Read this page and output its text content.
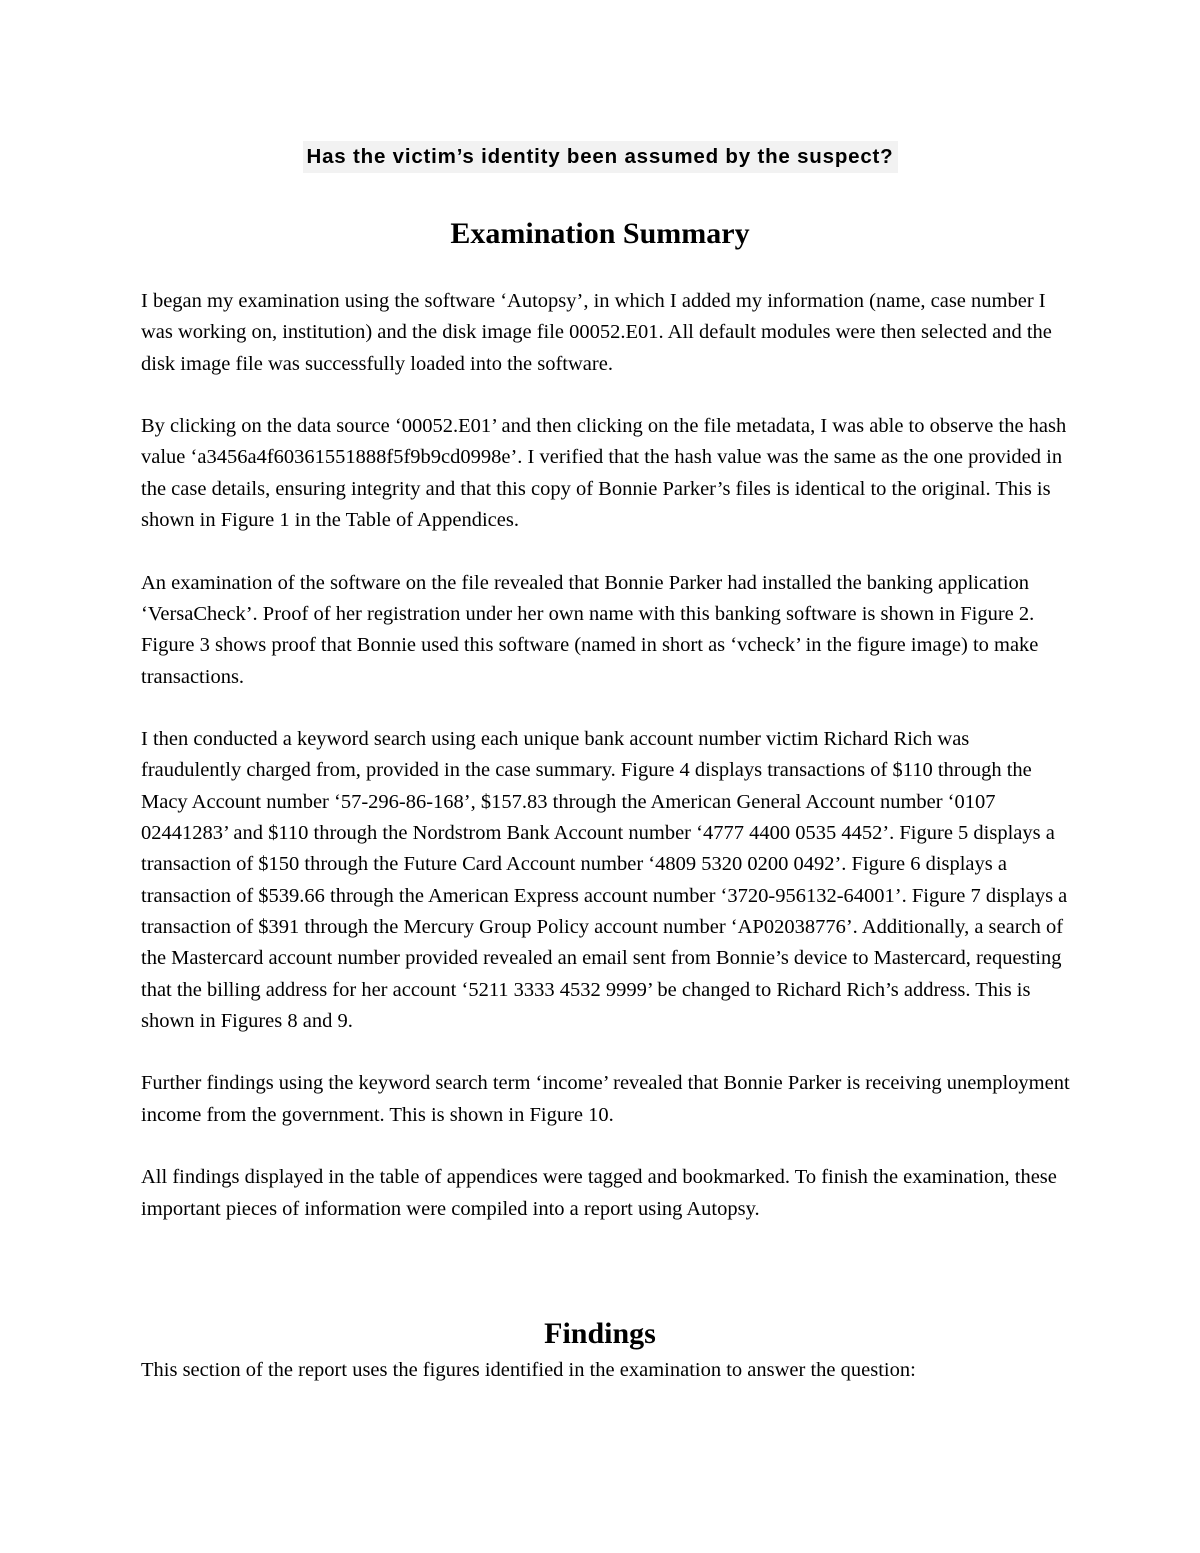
Has the victim’s identity been assumed by the suspect?
Examination Summary

I began my examination using the software ‘Autopsy’, in which I added my information (name, case number I was working on, institution) and the disk image file 00052.E01. All default modules were then selected and the disk image file was successfully loaded into the software.

By clicking on the data source ‘00052.E01’ and then clicking on the file metadata, I was able to observe the hash value ‘a3456a4f60361551888f5f9b9cd0998e’. I verified that the hash value was the same as the one provided in the case details, ensuring integrity and that this copy of Bonnie Parker’s files is identical to the original. This is shown in Figure 1 in the Table of Appendices.

An examination of the software on the file revealed that Bonnie Parker had installed the banking application ‘VersaCheck’. Proof of her registration under her own name with this banking software is shown in Figure 2. Figure 3 shows proof that Bonnie used this software (named in short as ‘vcheck’ in the figure image) to make transactions.

I then conducted a keyword search using each unique bank account number victim Richard Rich was fraudulently charged from, provided in the case summary. Figure 4 displays transactions of $110 through the Macy Account number ‘57-296-86-168’, $157.83 through the American General Account number ‘0107 02441283’ and $110 through the Nordstrom Bank Account number ‘4777 4400 0535 4452’. Figure 5 displays a transaction of $150 through the Future Card Account number ‘4809 5320 0200 0492’. Figure 6 displays a transaction of $539.66 through the American Express account number ‘3720-956132-64001’. Figure 7 displays a transaction of $391 through the Mercury Group Policy account number ‘AP02038776’. Additionally, a search of the Mastercard account number provided revealed an email sent from Bonnie’s device to Mastercard, requesting that the billing address for her account ‘5211 3333 4532 9999’ be changed to Richard Rich’s address. This is shown in Figures 8 and 9.

Further findings using the keyword search term ‘income’ revealed that Bonnie Parker is receiving unemployment income from the government. This is shown in Figure 10.

All findings displayed in the table of appendices were tagged and bookmarked. To finish the examination, these important pieces of information were compiled into a report using Autopsy.

Findings

This section of the report uses the figures identified in the examination to answer the question:
